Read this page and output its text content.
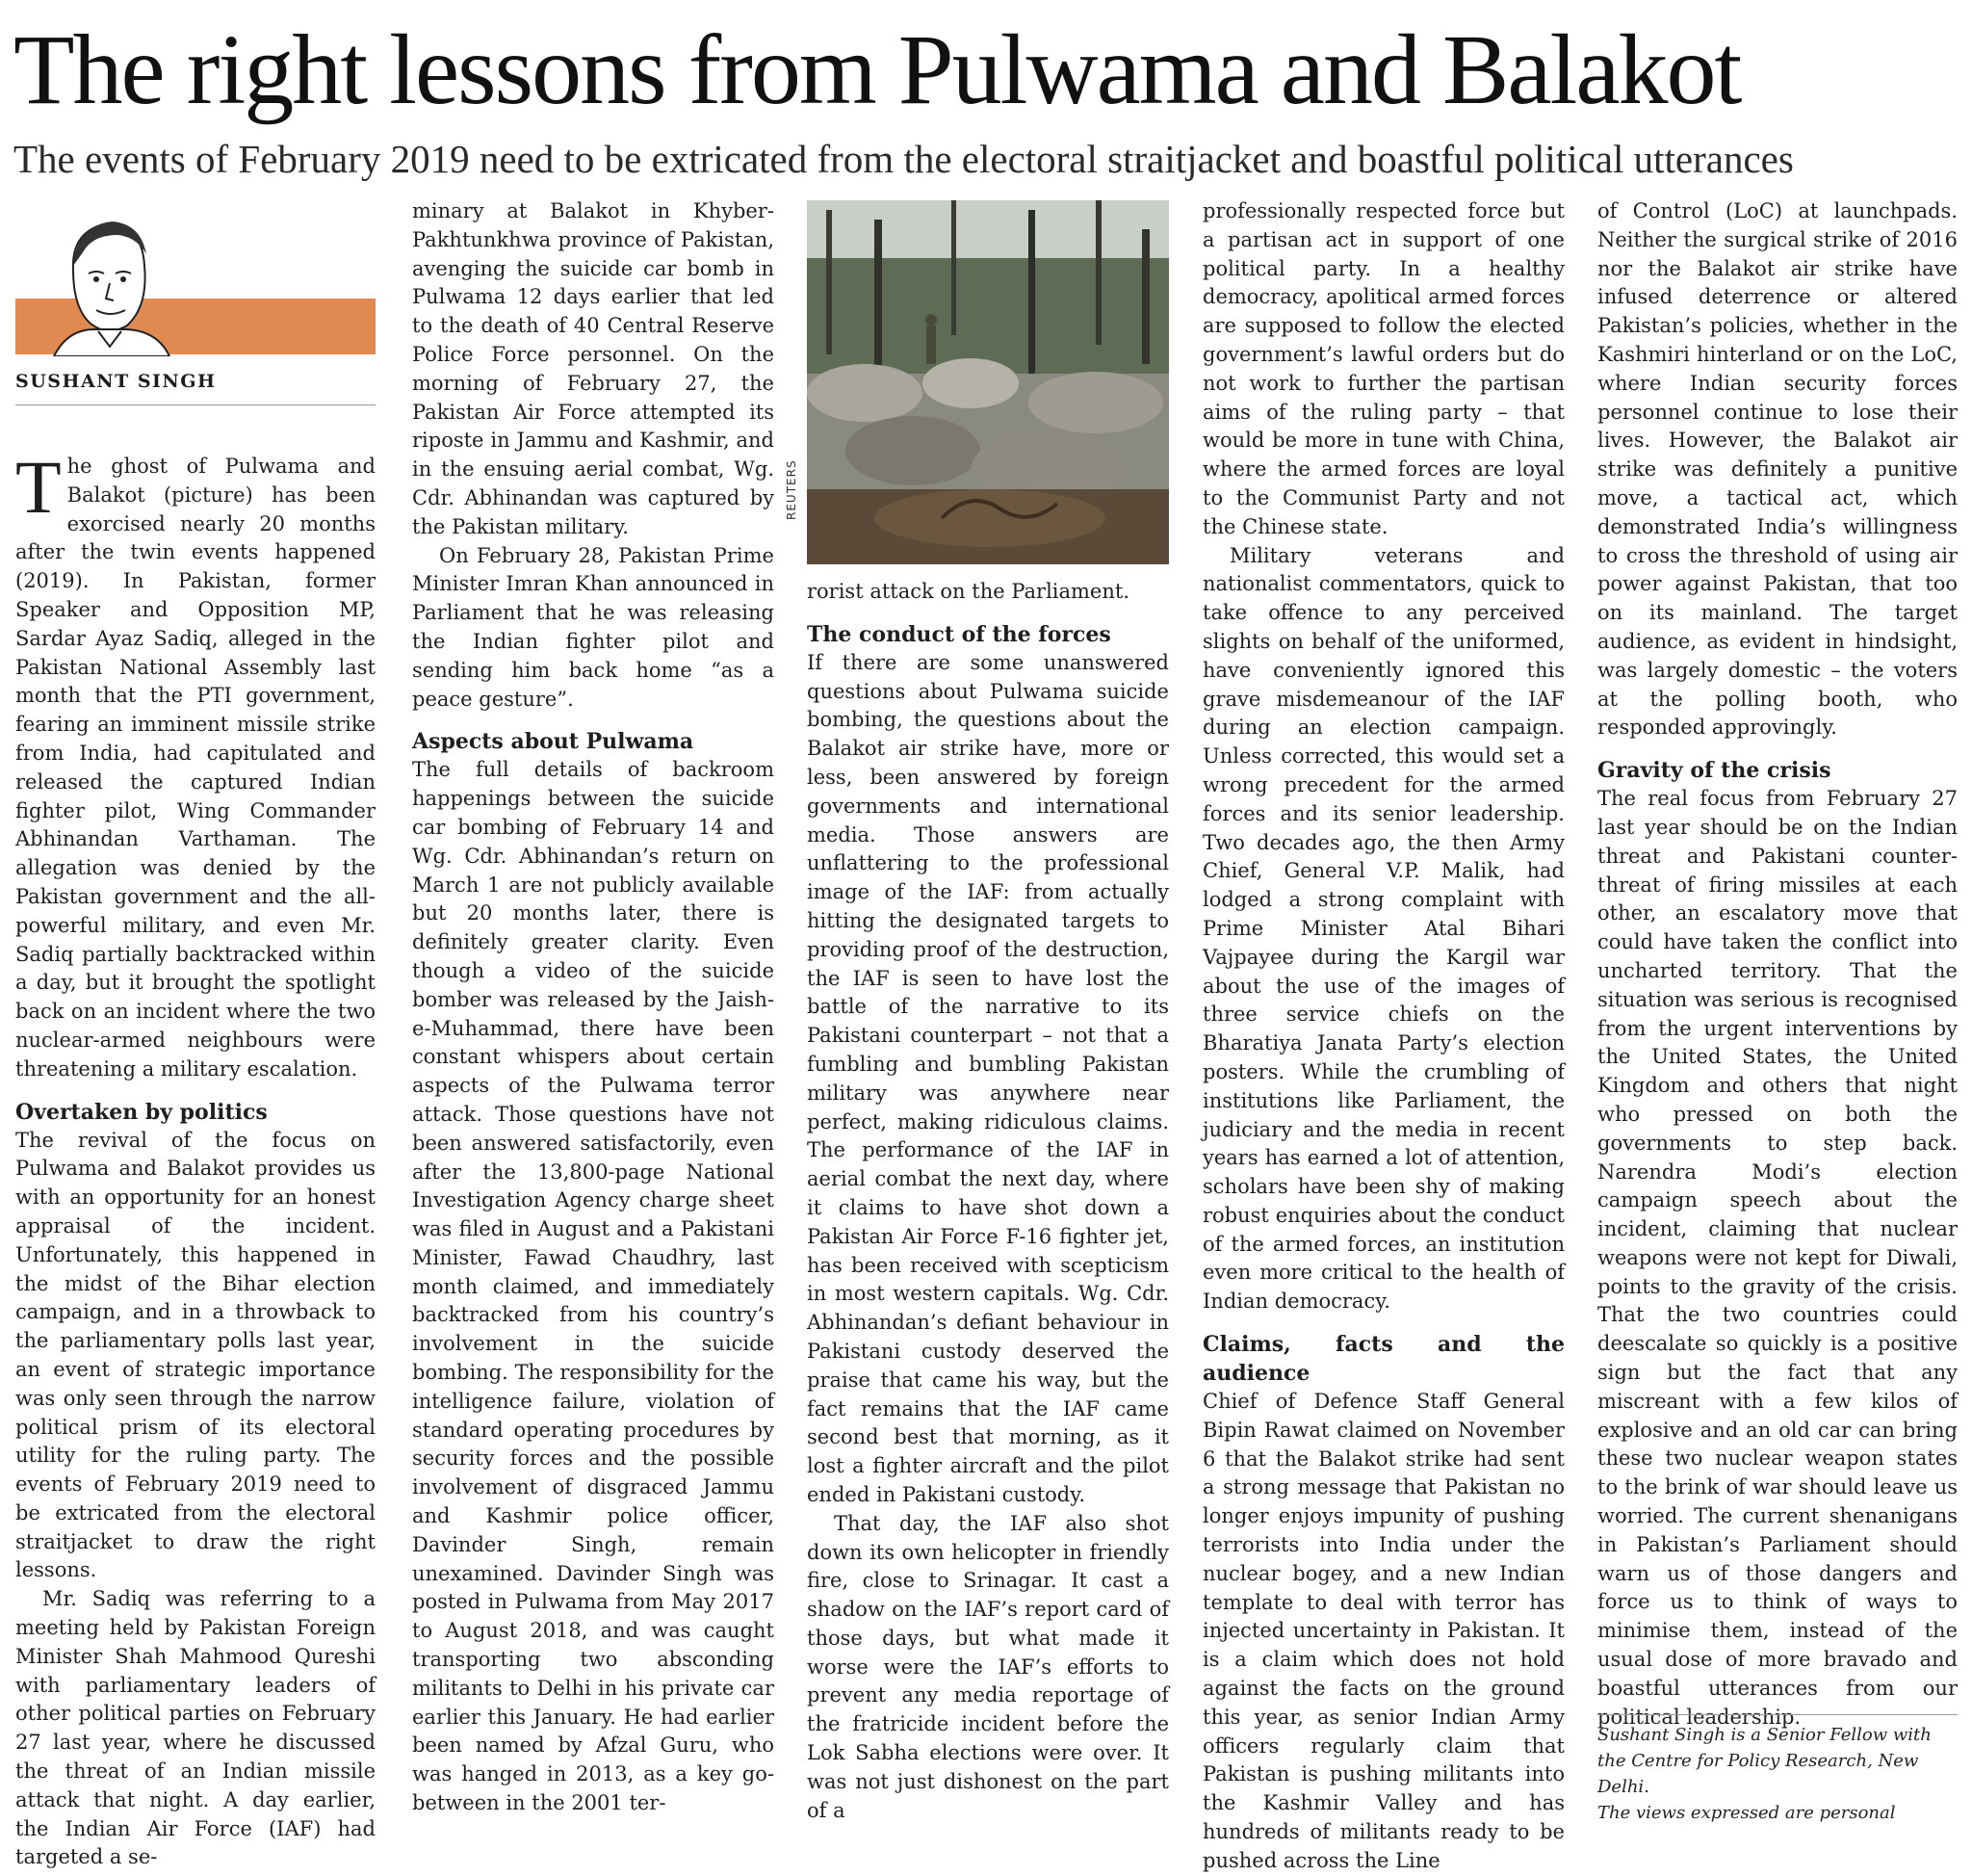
The right lessons from Pulwama and Balakot
The events of February 2019 need to be extricated from the electoral straitjacket and boastful political utterances

SUSHANT SINGH

REUTERS

The ghost of Pulwama and Balakot (picture) has been exorcised nearly 20 months after the twin events happened (2019). In Pakistan, former Speaker and Opposition MP, Sardar Ayaz Sadiq, alleged in the Pakistan National Assembly last month that the PTI government, fearing an imminent missile strike from India, had capitulated and released the captured Indian fighter pilot, Wing Commander Abhinandan Varthaman. The allegation was denied by the Pakistan government and the all-powerful military, and even Mr. Sadiq partially backtracked within a day, but it brought the spotlight back on an incident where the two nuclear-armed neighbours were threatening a military escalation.

Overtaken by politics

The revival of the focus on Pulwama and Balakot provides us with an opportunity for an honest appraisal of the incident. Unfortunately, this happened in the midst of the Bihar election campaign, and in a throwback to the parliamentary polls last year, an event of strategic importance was only seen through the narrow political prism of its electoral utility for the ruling party. The events of February 2019 need to be extricated from the electoral straitjacket to draw the right lessons.

Mr. Sadiq was referring to a meeting held by Pakistan Foreign Minister Shah Mahmood Qureshi with parliamentary leaders of other political parties on February 27 last year, where he discussed the threat of an Indian missile attack that night. A day earlier, the Indian Air Force (IAF) had targeted a se-

minary at Balakot in Khyber-Pakhtunkhwa province of Pakistan, avenging the suicide car bomb in Pulwama 12 days earlier that led to the death of 40 Central Reserve Police Force personnel. On the morning of February 27, the Pakistan Air Force attempted its riposte in Jammu and Kashmir, and in the ensuing aerial combat, Wg. Cdr. Abhinandan was captured by the Pakistan military.

On February 28, Pakistan Prime Minister Imran Khan announced in Parliament that he was releasing the Indian fighter pilot and sending him back home “as a peace gesture”.

Aspects about Pulwama

The full details of backroom happenings between the suicide car bombing of February 14 and Wg. Cdr. Abhinandan’s return on March 1 are not publicly available but 20 months later, there is definitely greater clarity. Even though a video of the suicide bomber was released by the Jaish-e-Muhammad, there have been constant whispers about certain aspects of the Pulwama terror attack. Those questions have not been answered satisfactorily, even after the 13,800-page National Investigation Agency charge sheet was filed in August and a Pakistani Minister, Fawad Chaudhry, last month claimed, and immediately backtracked from his country’s involvement in the suicide bombing. The responsibility for the intelligence failure, violation of standard operating procedures by security forces and the possible involvement of disgraced Jammu and Kashmir police officer, Davinder Singh, remain unexamined. Davinder Singh was posted in Pulwama from May 2017 to August 2018, and was caught transporting two absconding militants to Delhi in his private car earlier this January. He had earlier been named by Afzal Guru, who was hanged in 2013, as a key go-between in the 2001 ter-

rorist attack on the Parliament.

The conduct of the forces

If there are some unanswered questions about Pulwama suicide bombing, the questions about the Balakot air strike have, more or less, been answered by foreign governments and international media. Those answers are unflattering to the professional image of the IAF: from actually hitting the designated targets to providing proof of the destruction, the IAF is seen to have lost the battle of the narrative to its Pakistani counterpart – not that a fumbling and bumbling Pakistan military was anywhere near perfect, making ridiculous claims. The performance of the IAF in aerial combat the next day, where it claims to have shot down a Pakistan Air Force F-16 fighter jet, has been received with scepticism in most western capitals. Wg. Cdr. Abhinandan’s defiant behaviour in Pakistani custody deserved the praise that came his way, but the fact remains that the IAF came second best that morning, as it lost a fighter aircraft and the pilot ended in Pakistani custody.

That day, the IAF also shot down its own helicopter in friendly fire, close to Srinagar. It cast a shadow on the IAF’s report card of those days, but what made it worse were the IAF’s efforts to prevent any media reportage of the fratricide incident before the Lok Sabha elections were over. It was not just dishonest on the part of a

professionally respected force but a partisan act in support of one political party. In a healthy democracy, apolitical armed forces are supposed to follow the elected government’s lawful orders but do not work to further the partisan aims of the ruling party – that would be more in tune with China, where the armed forces are loyal to the Communist Party and not the Chinese state.

Military veterans and nationalist commentators, quick to take offence to any perceived slights on behalf of the uniformed, have conveniently ignored this grave misdemeanour of the IAF during an election campaign. Unless corrected, this would set a wrong precedent for the armed forces and its senior leadership. Two decades ago, the then Army Chief, General V.P. Malik, had lodged a strong complaint with Prime Minister Atal Bihari Vajpayee during the Kargil war about the use of the images of three service chiefs on the Bharatiya Janata Party’s election posters. While the crumbling of institutions like Parliament, the judiciary and the media in recent years has earned a lot of attention, scholars have been shy of making robust enquiries about the conduct of the armed forces, an institution even more critical to the health of Indian democracy.

Claims, facts and the audience

Chief of Defence Staff General Bipin Rawat claimed on November 6 that the Balakot strike had sent a strong message that Pakistan no longer enjoys impunity of pushing terrorists into India under the nuclear bogey, and a new Indian template to deal with terror has injected uncertainty in Pakistan. It is a claim which does not hold against the facts on the ground this year, as senior Indian Army officers regularly claim that Pakistan is pushing militants into the Kashmir Valley and has hundreds of militants ready to be pushed across the Line

of Control (LoC) at launchpads. Neither the surgical strike of 2016 nor the Balakot air strike have infused deterrence or altered Pakistan’s policies, whether in the Kashmiri hinterland or on the LoC, where Indian security forces personnel continue to lose their lives. However, the Balakot air strike was definitely a punitive move, a tactical act, which demonstrated India’s willingness to cross the threshold of using air power against Pakistan, that too on its mainland. The target audience, as evident in hindsight, was largely domestic – the voters at the polling booth, who responded approvingly.

Gravity of the crisis

The real focus from February 27 last year should be on the Indian threat and Pakistani counter-threat of firing missiles at each other, an escalatory move that could have taken the conflict into uncharted territory. That the situation was serious is recognised from the urgent interventions by the United States, the United Kingdom and others that night who pressed on both the governments to step back. Narendra Modi’s election campaign speech about the incident, claiming that nuclear weapons were not kept for Diwali, points to the gravity of the crisis. That the two countries could deescalate so quickly is a positive sign but the fact that any miscreant with a few kilos of explosive and an old car can bring these two nuclear weapon states to the brink of war should leave us worried. The current shenanigans in Pakistan’s Parliament should warn us of those dangers and force us to think of ways to minimise them, instead of the usual dose of more bravado and boastful utterances from our political leadership.

Sushant Singh is a Senior Fellow with the Centre for Policy Research, New Delhi.

The views expressed are personal
